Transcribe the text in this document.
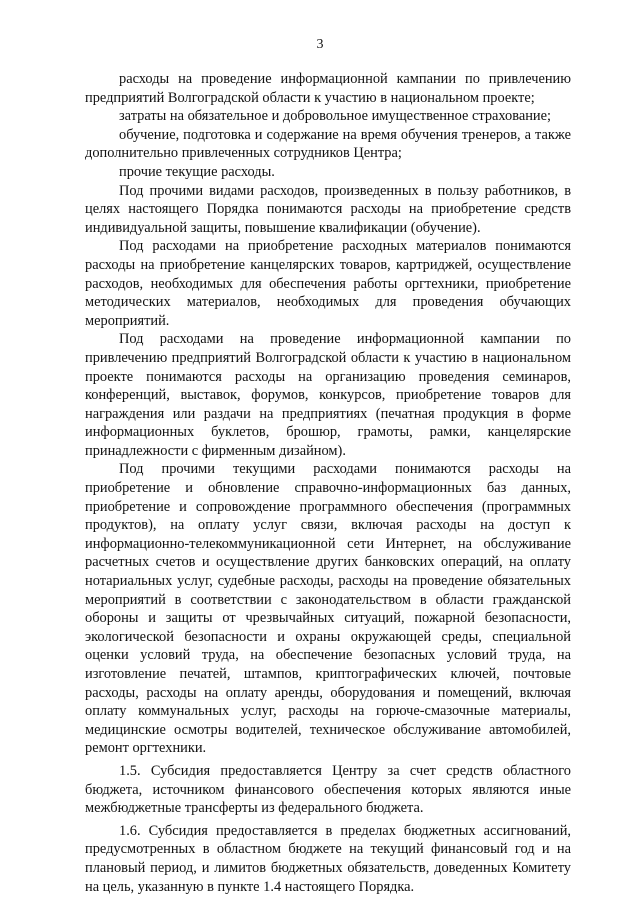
3

расходы на проведение информационной кампании по привлечению предприятий Волгоградской области к участию в национальном проекте;

затраты на обязательное и добровольное имущественное страхование;

обучение, подготовка и содержание на время обучения тренеров, а также дополнительно привлеченных сотрудников Центра;

прочие текущие расходы.

Под прочими видами расходов, произведенных в пользу работников, в целях настоящего Порядка понимаются расходы на приобретение средств индивидуальной защиты, повышение квалификации (обучение).

Под расходами на приобретение расходных материалов понимаются расходы на приобретение канцелярских товаров, картриджей, осуществление расходов, необходимых для обеспечения работы оргтехники, приобретение методических материалов, необходимых для проведения обучающих мероприятий.

Под расходами на проведение информационной кампании по привлечению предприятий Волгоградской области к участию в национальном проекте понимаются расходы на организацию проведения семинаров, конференций, выставок, форумов, конкурсов, приобретение товаров для награждения или раздачи на предприятиях (печатная продукция в форме информационных буклетов, брошюр, грамоты, рамки, канцелярские принадлежности с фирменным дизайном).

Под прочими текущими расходами понимаются расходы на приобретение и обновление справочно-информационных баз данных, приобретение и сопровождение программного обеспечения (программных продуктов), на оплату услуг связи, включая расходы на доступ к информационно-телекоммуникационной сети Интернет, на обслуживание расчетных счетов и осуществление других банковских операций, на оплату нотариальных услуг, судебные расходы, расходы на проведение обязательных мероприятий в соответствии с законодательством в области гражданской обороны и защиты от чрезвычайных ситуаций, пожарной безопасности, экологической безопасности и охраны окружающей среды, специальной оценки условий труда, на обеспечение безопасных условий труда, на изготовление печатей, штампов, криптографических ключей, почтовые расходы, расходы на оплату аренды, оборудования и помещений, включая оплату коммунальных услуг, расходы на горюче-смазочные материалы, медицинские осмотры водителей, техническое обслуживание автомобилей, ремонт оргтехники.

1.5. Субсидия предоставляется Центру за счет средств областного бюджета, источником финансового обеспечения которых являются иные межбюджетные трансферты из федерального бюджета.

1.6. Субсидия предоставляется в пределах бюджетных ассигнований, предусмотренных в областном бюджете на текущий финансовый год и на плановый период, и лимитов бюджетных обязательств, доведенных Комитету на цель, указанную в пункте 1.4 настоящего Порядка.
